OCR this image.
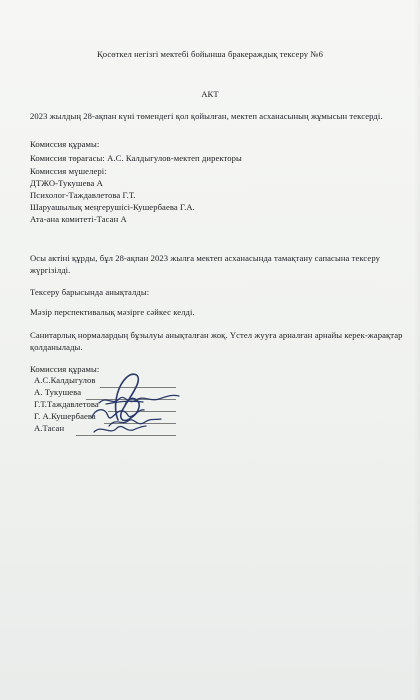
Қосөткел негізгі мектебі бойынша бракераждық тексеру №6
АКТ
2023 жылдың 28-ақпан күні төмендегі қол қойылған, мектеп асханасының жұмысын тексерді.
Комиссия құрамы:
Комиссия төрағасы: А.С. Калдыгулов-мектеп директоры
Комиссия мүшелері:
ДТЖО-Тукушева А
Психолог-Таждавлетова Г.Т.
Шаруашылық меңгерушісі-Кушербаева Г.А.
Ата-ана комитеті-Тасан А
Осы актіні құрды, бұл 28-ақпан 2023 жылға мектеп асханасында тамақтану сапасына тексеру
жүргізілді.
Тексеру барысында анықталды:
Мәзір перспективалық мәзірге сәйкес келді.
Санитарлық нормалардың бұзылуы анықталған жоқ. Үстел жууға арналған арнайы керек-жарақтар
қолданылады.
Комиссия құрамы:
А.С.Калдыгулов
А. Тукушева
Г.Т.Таждавлетова
Г. А.Кушербаева
А.Тасан
